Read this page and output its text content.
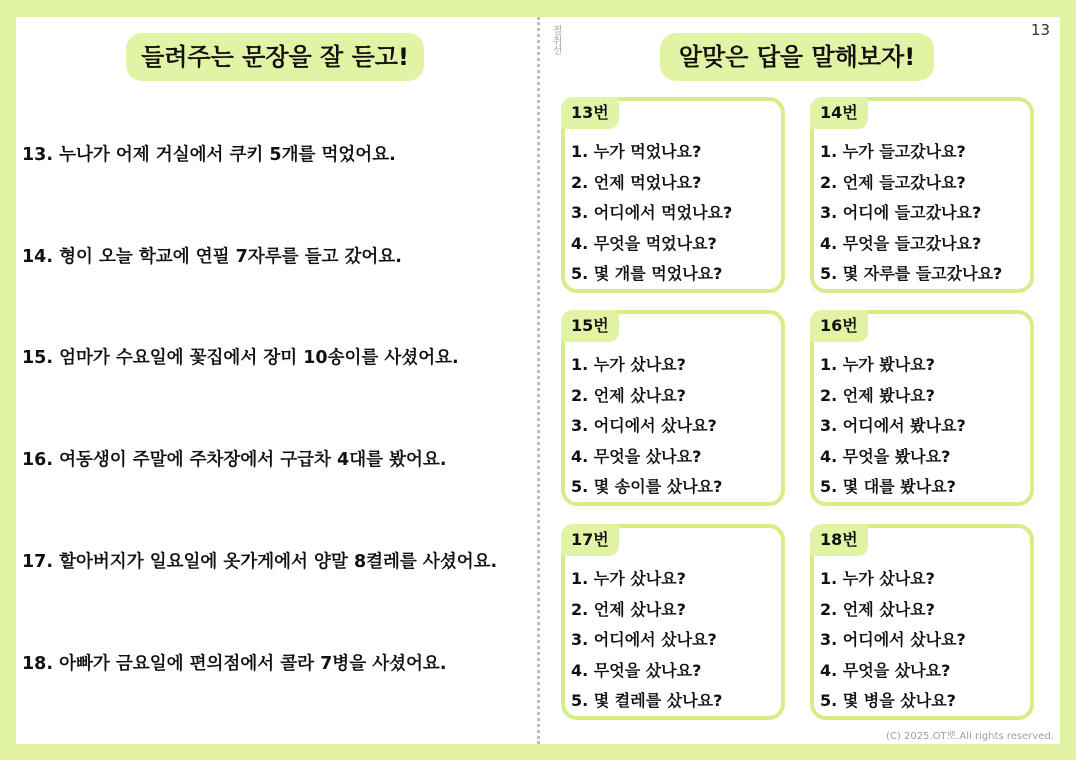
13
절취선
들려주는 문장을 잘 듣고!	알맞은 답을 말해보자!
13. 누나가 어제 거실에서 쿠키 5개를 먹었어요.
14. 형이 오늘 학교에 연필 7자루를 들고 갔어요.
15. 엄마가 수요일에 꽃집에서 장미 10송이를 사셨어요.
16. 여동생이 주말에 주차장에서 구급차 4대를 봤어요.
17. 할아버지가 일요일에 옷가게에서 양말 8켤레를 사셨어요.
18. 아빠가 금요일에 편의점에서 콜라 7병을 사셨어요.
13번
1. 누가 먹었나요?
2. 언제 먹었나요?
3. 어디에서 먹었나요?
4. 무엇을 먹었나요?
5. 몇 개를 먹었나요?
14번
1. 누가 들고갔나요?
2. 언제 들고갔나요?
3. 어디에 들고갔나요?
4. 무엇을 들고갔나요?
5. 몇 자루를 들고갔나요?
15번
1. 누가 샀나요?
2. 언제 샀나요?
3. 어디에서 샀나요?
4. 무엇을 샀나요?
5. 몇 송이를 샀나요?
16번
1. 누가 봤나요?
2. 언제 봤나요?
3. 어디에서 봤나요?
4. 무엇을 봤나요?
5. 몇 대를 봤나요?
17번
1. 누가 샀나요?
2. 언제 샀나요?
3. 어디에서 샀나요?
4. 무엇을 샀나요?
5. 몇 켤레를 샀나요?
18번
1. 누가 샀나요?
2. 언제 샀나요?
3. 어디에서 샀나요?
4. 무엇을 샀나요?
5. 몇 병을 샀나요?
(C) 2025.OT뽀.All rights reserved.
